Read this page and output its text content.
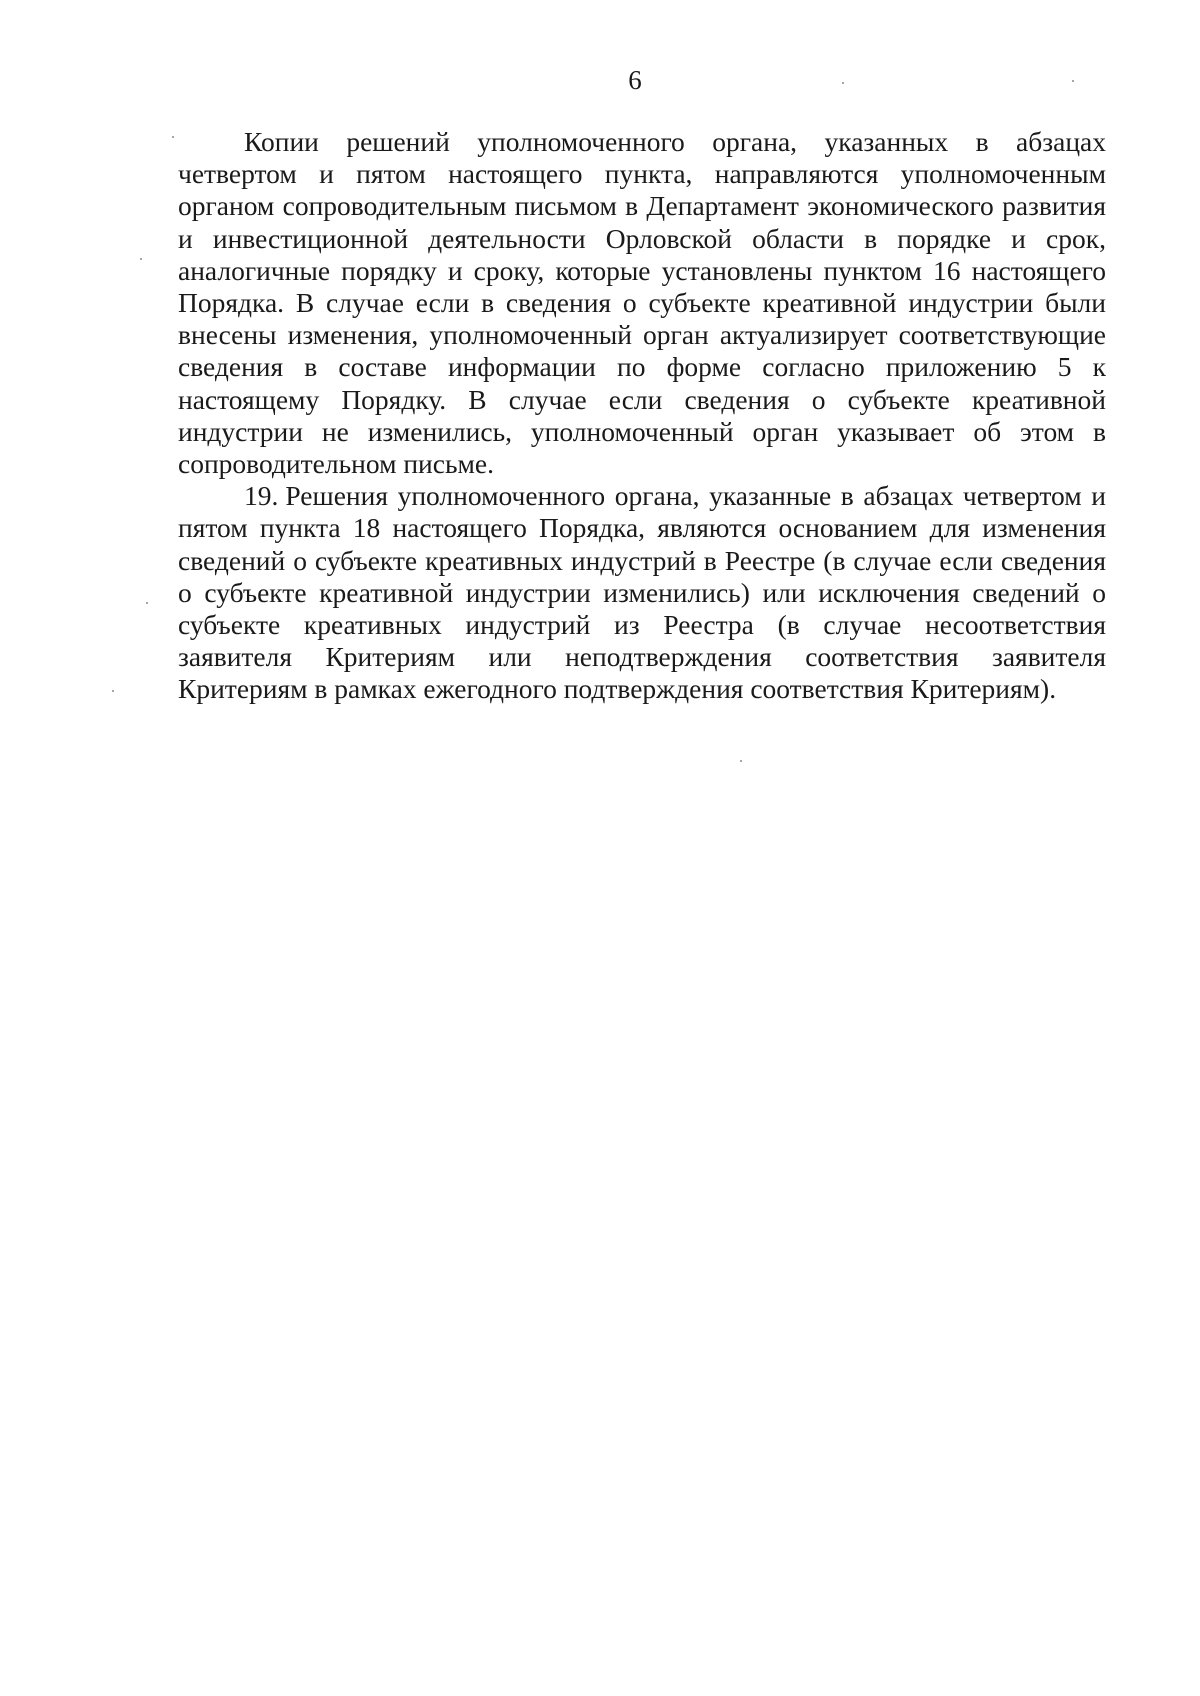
6

Копии решений уполномоченного органа, указанных в абзацах четвертом и пятом настоящего пункта, направляются уполномоченным органом сопроводительным письмом в Департамент экономического развития и инвестиционной деятельности Орловской области в порядке и срок, аналогичные порядку и сроку, которые установлены пунктом 16 настоящего Порядка. В случае если в сведения о субъекте креативной индустрии были внесены изменения, уполномоченный орган актуализирует соответствующие сведения в составе информации по форме согласно приложению 5 к настоящему Порядку. В случае если сведения о субъекте креативной индустрии не изменились, уполномоченный орган указывает об этом в сопроводительном письме.

19. Решения уполномоченного органа, указанные в абзацах четвертом и пятом пункта 18 настоящего Порядка, являются основанием для изменения сведений о субъекте креативных индустрий в Реестре (в случае если сведения о субъекте креативной индустрии изменились) или исключения сведений о субъекте креативных индустрий из Реестра (в случае несоответствия заявителя Критериям или неподтверждения соответствия заявителя Критериям в рамках ежегодного подтверждения соответствия Критериям).
